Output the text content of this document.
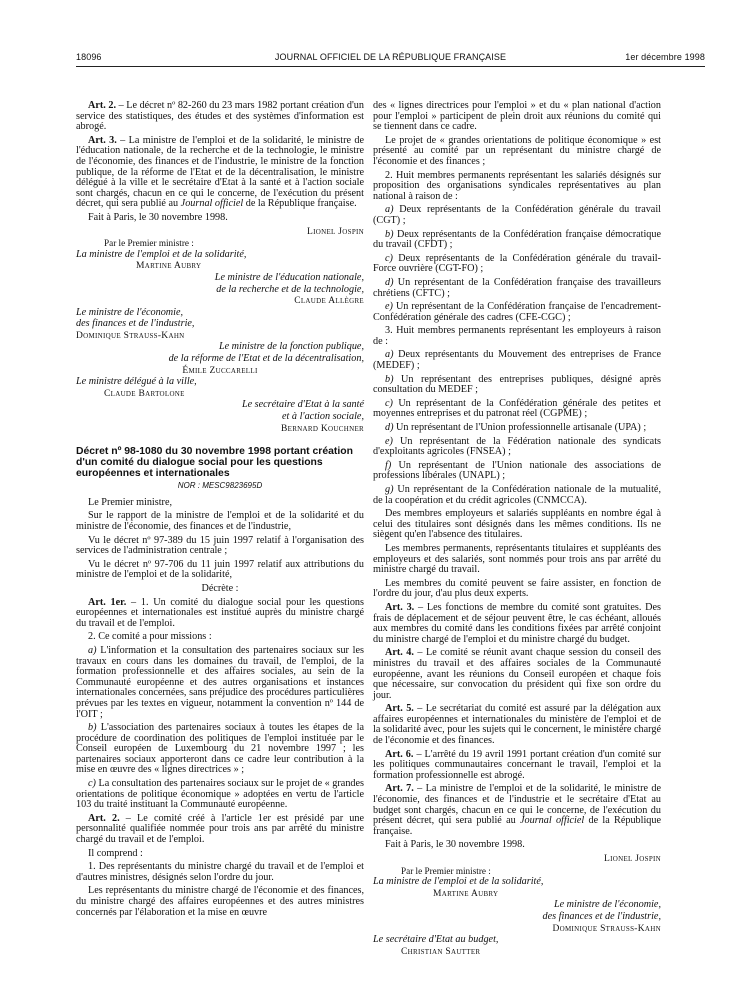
18096	JOURNAL OFFICIEL DE LA RÉPUBLIQUE FRANÇAISE	1er décembre 1998

Art. 2. – Le décret nº 82-260 du 23 mars 1982 portant création d'un service des statistiques, des études et des systèmes d'information est abrogé.

Art. 3. – La ministre de l'emploi et de la solidarité, le ministre de l'éducation nationale, de la recherche et de la technologie, le ministre de l'économie, des finances et de l'industrie, le ministre de la fonction publique, de la réforme de l'Etat et de la décentralisation, le ministre délégué à la ville et le secrétaire d'Etat à la santé et à l'action sociale sont chargés, chacun en ce qui le concerne, de l'exécution du présent décret, qui sera publié au Journal officiel de la République française.

Fait à Paris, le 30 novembre 1998.

Lionel Jospin

Par le Premier ministre :

La ministre de l'emploi et de la solidarité,

Martine Aubry

Le ministre de l'éducation nationale,

de la recherche et de la technologie,

Claude Allègre

Le ministre de l'économie,

des finances et de l'industrie,

Dominique Strauss-Kahn

Le ministre de la fonction publique,

de la réforme de l'Etat et de la décentralisation,

Émile Zuccarelli

Le ministre délégué à la ville,

Claude Bartolone

Le secrétaire d'Etat à la santé

et à l'action sociale,

Bernard Kouchner

Décret nº 98-1080 du 30 novembre 1998 portant création d'un comité du dialogue social pour les questions européennes et internationales

NOR : MESC9823695D

Le Premier ministre,

Sur le rapport de la ministre de l'emploi et de la solidarité et du ministre de l'économie, des finances et de l'industrie,

Vu le décret nº 97-389 du 15 juin 1997 relatif à l'organisation des services de l'administration centrale ;

Vu le décret nº 97-706 du 11 juin 1997 relatif aux attributions du ministre de l'emploi et de la solidarité,

Décrète :

Art. 1er. – 1. Un comité du dialogue social pour les questions européennes et internationales est institué auprès du ministre chargé du travail et de l'emploi.

2. Ce comité a pour missions :

a) L'information et la consultation des partenaires sociaux sur les travaux en cours dans les domaines du travail, de l'emploi, de la formation professionnelle et des affaires sociales, au sein de la Communauté européenne et des autres organisations et instances internationales concernées, sans préjudice des procédures particulières prévues par les textes en vigueur, notamment la convention nº 144 de l'OIT ;

b) L'association des partenaires sociaux à toutes les étapes de la procédure de coordination des politiques de l'emploi instituée par le Conseil européen de Luxembourg du 21 novembre 1997 ; les partenaires sociaux apporteront dans ce cadre leur contribution à la mise en œuvre des « lignes directrices » ;

c) La consultation des partenaires sociaux sur le projet de « grandes orientations de politique économique » adoptées en vertu de l'article 103 du traité instituant la Communauté européenne.

Art. 2. – Le comité créé à l'article 1er est présidé par une personnalité qualifiée nommée pour trois ans par arrêté du ministre chargé du travail et de l'emploi.

Il comprend :

1. Des représentants du ministre chargé du travail et de l'emploi et d'autres ministres, désignés selon l'ordre du jour.

Les représentants du ministre chargé de l'économie et des finances, du ministre chargé des affaires européennes et des autres ministres concernés par l'élaboration et la mise en œuvre

des « lignes directrices pour l'emploi » et du « plan national d'action pour l'emploi » participent de plein droit aux réunions du comité qui se tiennent dans ce cadre.

Le projet de « grandes orientations de politique économique » est présenté au comité par un représentant du ministre chargé de l'économie et des finances ;

2. Huit membres permanents représentant les salariés désignés sur proposition des organisations syndicales représentatives au plan national à raison de :

a) Deux représentants de la Confédération générale du travail (CGT) ;

b) Deux représentants de la Confédération française démocratique du travail (CFDT) ;

c) Deux représentants de la Confédération générale du travail-Force ouvrière (CGT-FO) ;

d) Un représentant de la Confédération française des travailleurs chrétiens (CFTC) ;

e) Un représentant de la Confédération française de l'encadrement-Confédération générale des cadres (CFE-CGC) ;

3. Huit membres permanents représentant les employeurs à raison de :

a) Deux représentants du Mouvement des entreprises de France (MEDEF) ;

b) Un représentant des entreprises publiques, désigné après consultation du MEDEF ;

c) Un représentant de la Confédération générale des petites et moyennes entreprises et du patronat réel (CGPME) ;

d) Un représentant de l'Union professionnelle artisanale (UPA) ;

e) Un représentant de la Fédération nationale des syndicats d'exploitants agricoles (FNSEA) ;

f) Un représentant de l'Union nationale des associations de professions libérales (UNAPL) ;

g) Un représentant de la Confédération nationale de la mutualité, de la coopération et du crédit agricoles (CNMCCA).

Des membres employeurs et salariés suppléants en nombre égal à celui des titulaires sont désignés dans les mêmes conditions. Ils ne siègent qu'en l'absence des titulaires.

Les membres permanents, représentants titulaires et suppléants des employeurs et des salariés, sont nommés pour trois ans par arrêté du ministre chargé du travail.

Les membres du comité peuvent se faire assister, en fonction de l'ordre du jour, d'au plus deux experts.

Art. 3. – Les fonctions de membre du comité sont gratuites. Des frais de déplacement et de séjour peuvent être, le cas échéant, alloués aux membres du comité dans les conditions fixées par arrêté conjoint du ministre chargé de l'emploi et du ministre chargé du budget.

Art. 4. – Le comité se réunit avant chaque session du conseil des ministres du travail et des affaires sociales de la Communauté européenne, avant les réunions du Conseil européen et chaque fois que nécessaire, sur convocation du président qui fixe son ordre du jour.

Art. 5. – Le secrétariat du comité est assuré par la délégation aux affaires européennes et internationales du ministère de l'emploi et de la solidarité avec, pour les sujets qui le concernent, le ministère chargé de l'économie et des finances.

Art. 6. – L'arrêté du 19 avril 1991 portant création d'un comité sur les politiques communautaires concernant le travail, l'emploi et la formation professionnelle est abrogé.

Art. 7. – La ministre de l'emploi et de la solidarité, le ministre de l'économie, des finances et de l'industrie et le secrétaire d'Etat au budget sont chargés, chacun en ce qui le concerne, de l'exécution du présent décret, qui sera publié au Journal officiel de la République française.

Fait à Paris, le 30 novembre 1998.

Lionel Jospin

Par le Premier ministre :

La ministre de l'emploi et de la solidarité,

Martine Aubry

Le ministre de l'économie,

des finances et de l'industrie,

Dominique Strauss-Kahn

Le secrétaire d'Etat au budget,

Christian Sautter
